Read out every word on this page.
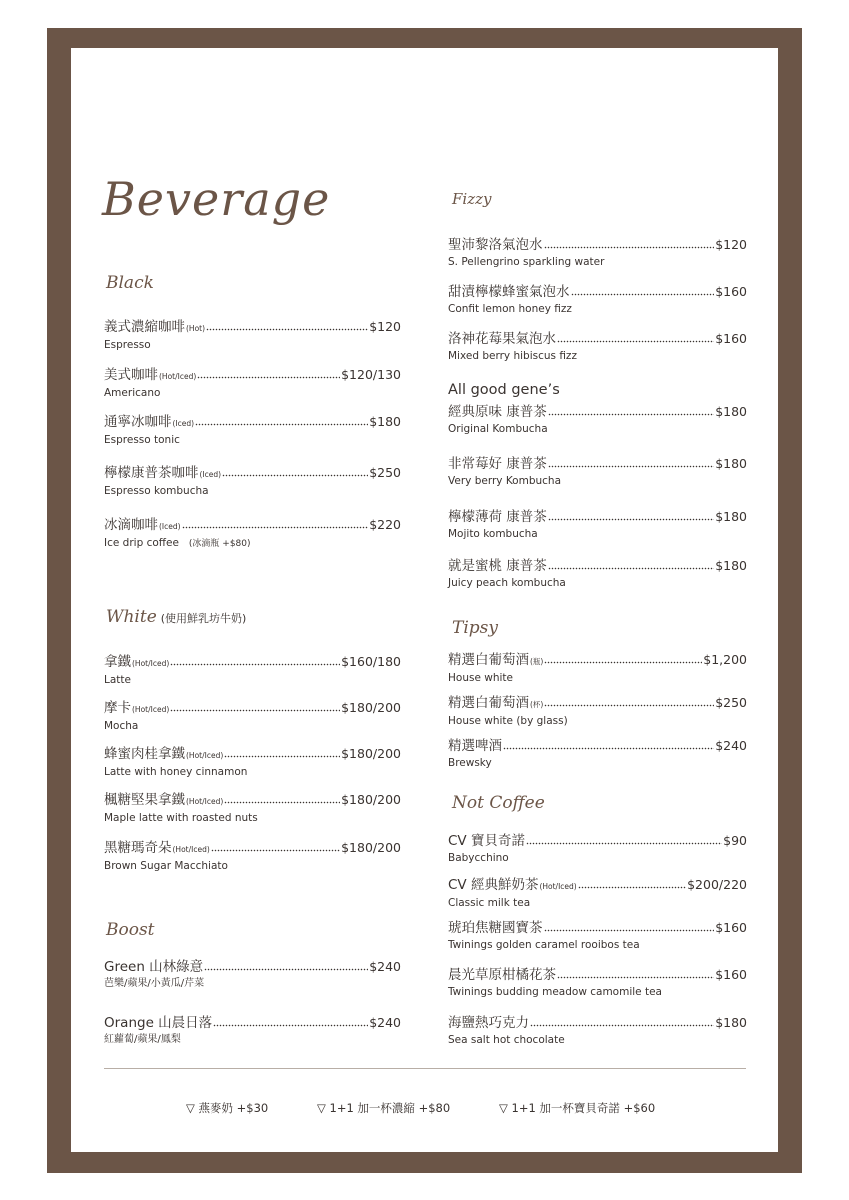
Beverage
Black
義式濃縮咖啡 (Hot)	$120
Espresso
美式咖啡 (Hot/Iced)	$120/130
Americano
通寧冰咖啡 (Iced)	$180
Espresso tonic
檸檬康普茶咖啡 (Iced)	$250
Espresso kombucha
冰滴咖啡 (Iced)	$220
Ice drip coffee (冰滴瓶 +$80)
White (使用鮮乳坊牛奶)
拿鐵 (Hot/Iced)	$160/180
Latte
摩卡 (Hot/Iced)	$180/200
Mocha
蜂蜜肉桂拿鐵 (Hot/Iced)	$180/200
Latte with honey cinnamon
楓糖堅果拿鐵 (Hot/Iced)	$180/200
Maple latte with roasted nuts
黑糖瑪奇朵 (Hot/Iced)	$180/200
Brown Sugar Macchiato
Boost
Green 山林綠意	$240
芭樂/蘋果/小黃瓜/芹菜
Orange 山晨日落	$240
紅蘿蔔/蘋果/鳳梨
Fizzy
聖沛黎洛氣泡水	$120
S. Pellengrino sparkling water
甜漬檸檬蜂蜜氣泡水	$160
Confit lemon honey fizz
洛神花莓果氣泡水	$160
Mixed berry hibiscus fizz
All good gene’s
經典原味 康普茶	$180
Original Kombucha
非常莓好 康普茶	$180
Very berry Kombucha
檸檬薄荷 康普茶	$180
Mojito kombucha
就是蜜桃 康普茶	$180
Juicy peach kombucha
Tipsy
精選白葡萄酒 (瓶)	$1,200
House white
精選白葡萄酒 (杯)	$250
House white (by glass)
精選啤酒	$240
Brewsky
Not Coffee
CV 寶貝奇諾	$90
Babycchino
CV 經典鮮奶茶 (Hot/Iced)	$200/220
Classic milk tea
琥珀焦糖國寶茶	$160
Twinings golden caramel rooibos tea
晨光草原柑橘花茶	$160
Twinings budding meadow camomile tea
海鹽熱巧克力	$180
Sea salt hot chocolate
▽ 燕麥奶 +$30	▽ 1+1 加一杯濃縮 +$80	▽ 1+1 加一杯寶貝奇諾 +$60
